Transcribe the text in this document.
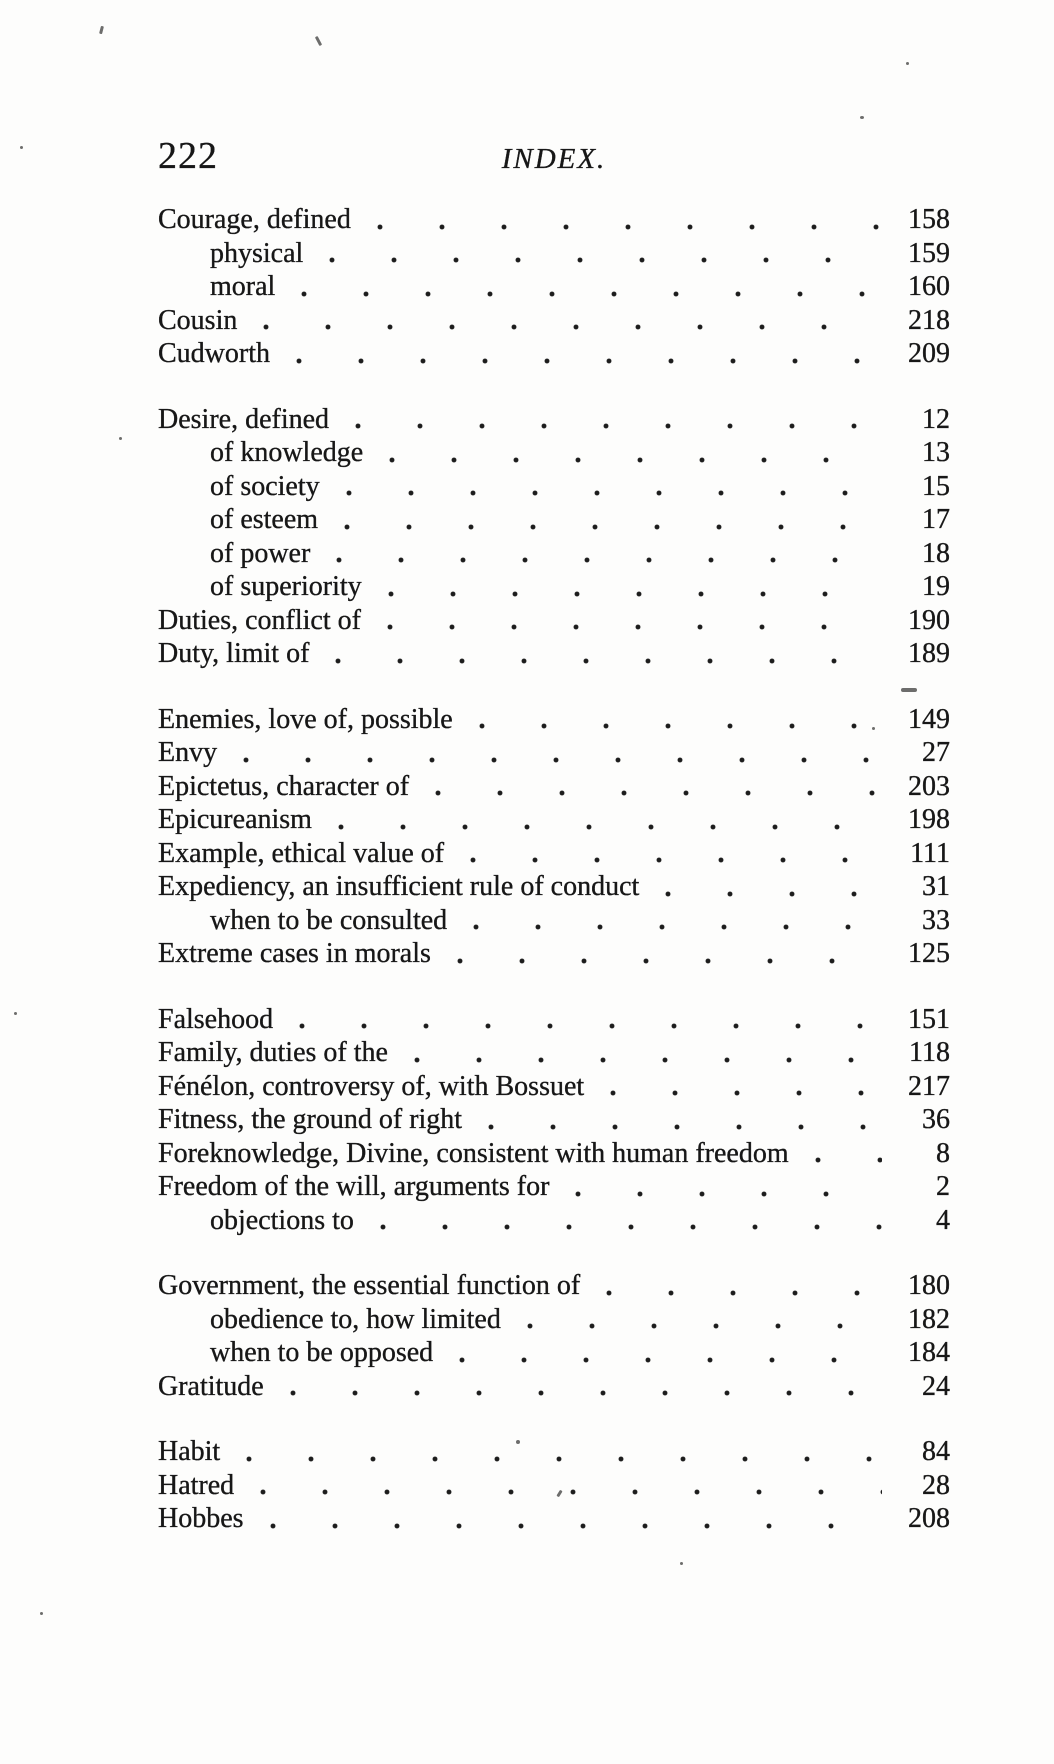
222	INDEX.
Courage, defined	158
physical	159
moral	160
Cousin	218
Cudworth	209
Desire, defined	12
of knowledge	13
of society	15
of esteem	17
of power	18
of superiority	19
Duties, conflict of	190
Duty, limit of	189
Enemies, love of, possible	149
Envy	27
Epictetus, character of	203
Epicureanism	198
Example, ethical value of	111
Expediency, an insufficient rule of conduct	31
when to be consulted	33
Extreme cases in morals	125
Falsehood	151
Family, duties of the	118
Fénélon, controversy of, with Bossuet	217
Fitness, the ground of right	36
Foreknowledge, Divine, consistent with human freedom	8
Freedom of the will, arguments for	2
objections to	4
Government, the essential function of	180
obedience to, how limited	182
when to be opposed	184
Gratitude	24
Habit	84
Hatred	28
Hobbes	208
